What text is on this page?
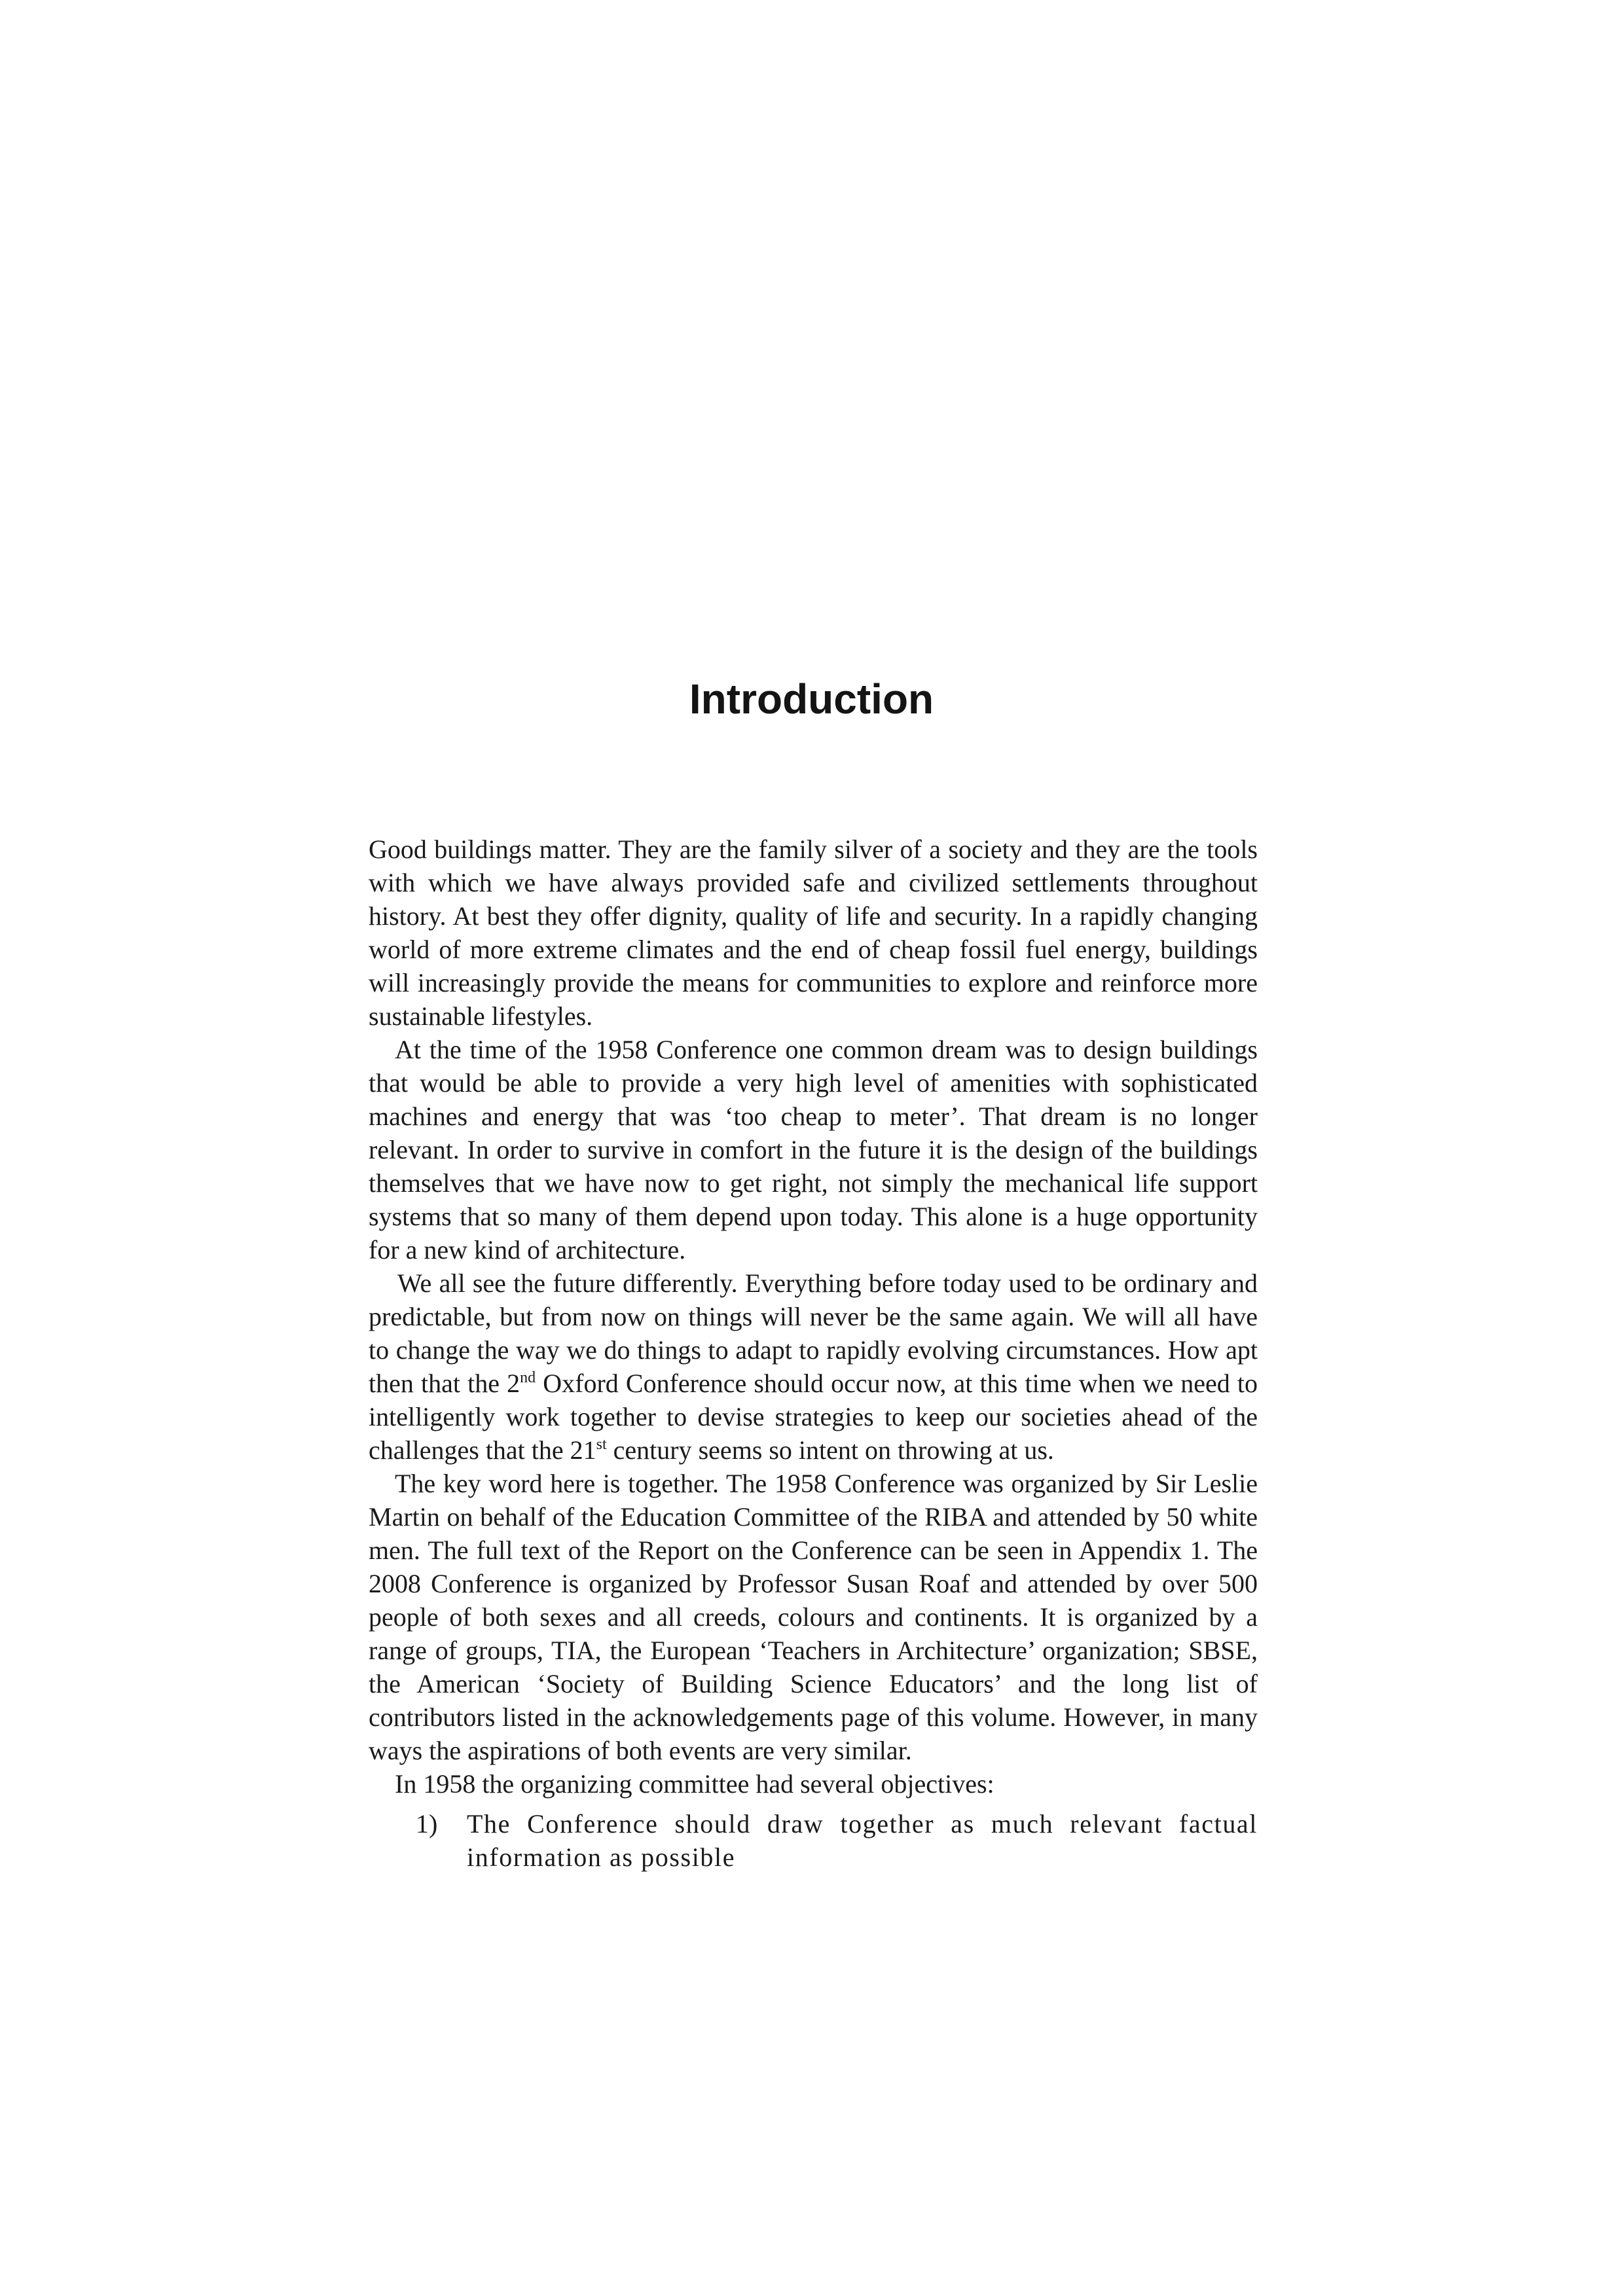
Introduction

Good buildings matter. They are the family silver of a society and they are the tools with which we have always provided safe and civilized settlements throughout history. At best they offer dignity, quality of life and security. In a rapidly changing world of more extreme climates and the end of cheap fossil fuel energy, buildings will increasingly provide the means for communities to explore and reinforce more sustainable lifestyles.

At the time of the 1958 Conference one common dream was to design buildings that would be able to provide a very high level of amenities with sophisticated machines and energy that was ‘too cheap to meter’. That dream is no longer relevant. In order to survive in comfort in the future it is the design of the buildings themselves that we have now to get right, not simply the mechanical life support systems that so many of them depend upon today. This alone is a huge opportunity for a new kind of architecture.

We all see the future differently. Everything before today used to be ordinary and predictable, but from now on things will never be the same again. We will all have to change the way we do things to adapt to rapidly evolving circumstances. How apt then that the 2nd Oxford Conference should occur now, at this time when we need to intelligently work together to devise strategies to keep our societies ahead of the challenges that the 21st century seems so intent on throwing at us.

The key word here is together. The 1958 Conference was organized by Sir Leslie Martin on behalf of the Education Committee of the RIBA and attended by 50 white men. The full text of the Report on the Conference can be seen in Appendix 1. The 2008 Conference is organized by Professor Susan Roaf and attended by over 500 people of both sexes and all creeds, colours and continents. It is organized by a range of groups, TIA, the European ‘Teachers in Architecture’ organization; SBSE, the American ‘Society of Building Science Educators’ and the long list of contributors listed in the acknowledgements page of this volume. However, in many ways the aspirations of both events are very similar.

In 1958 the organizing committee had several objectives:

1) The Conference should draw together as much relevant factual information as possible
